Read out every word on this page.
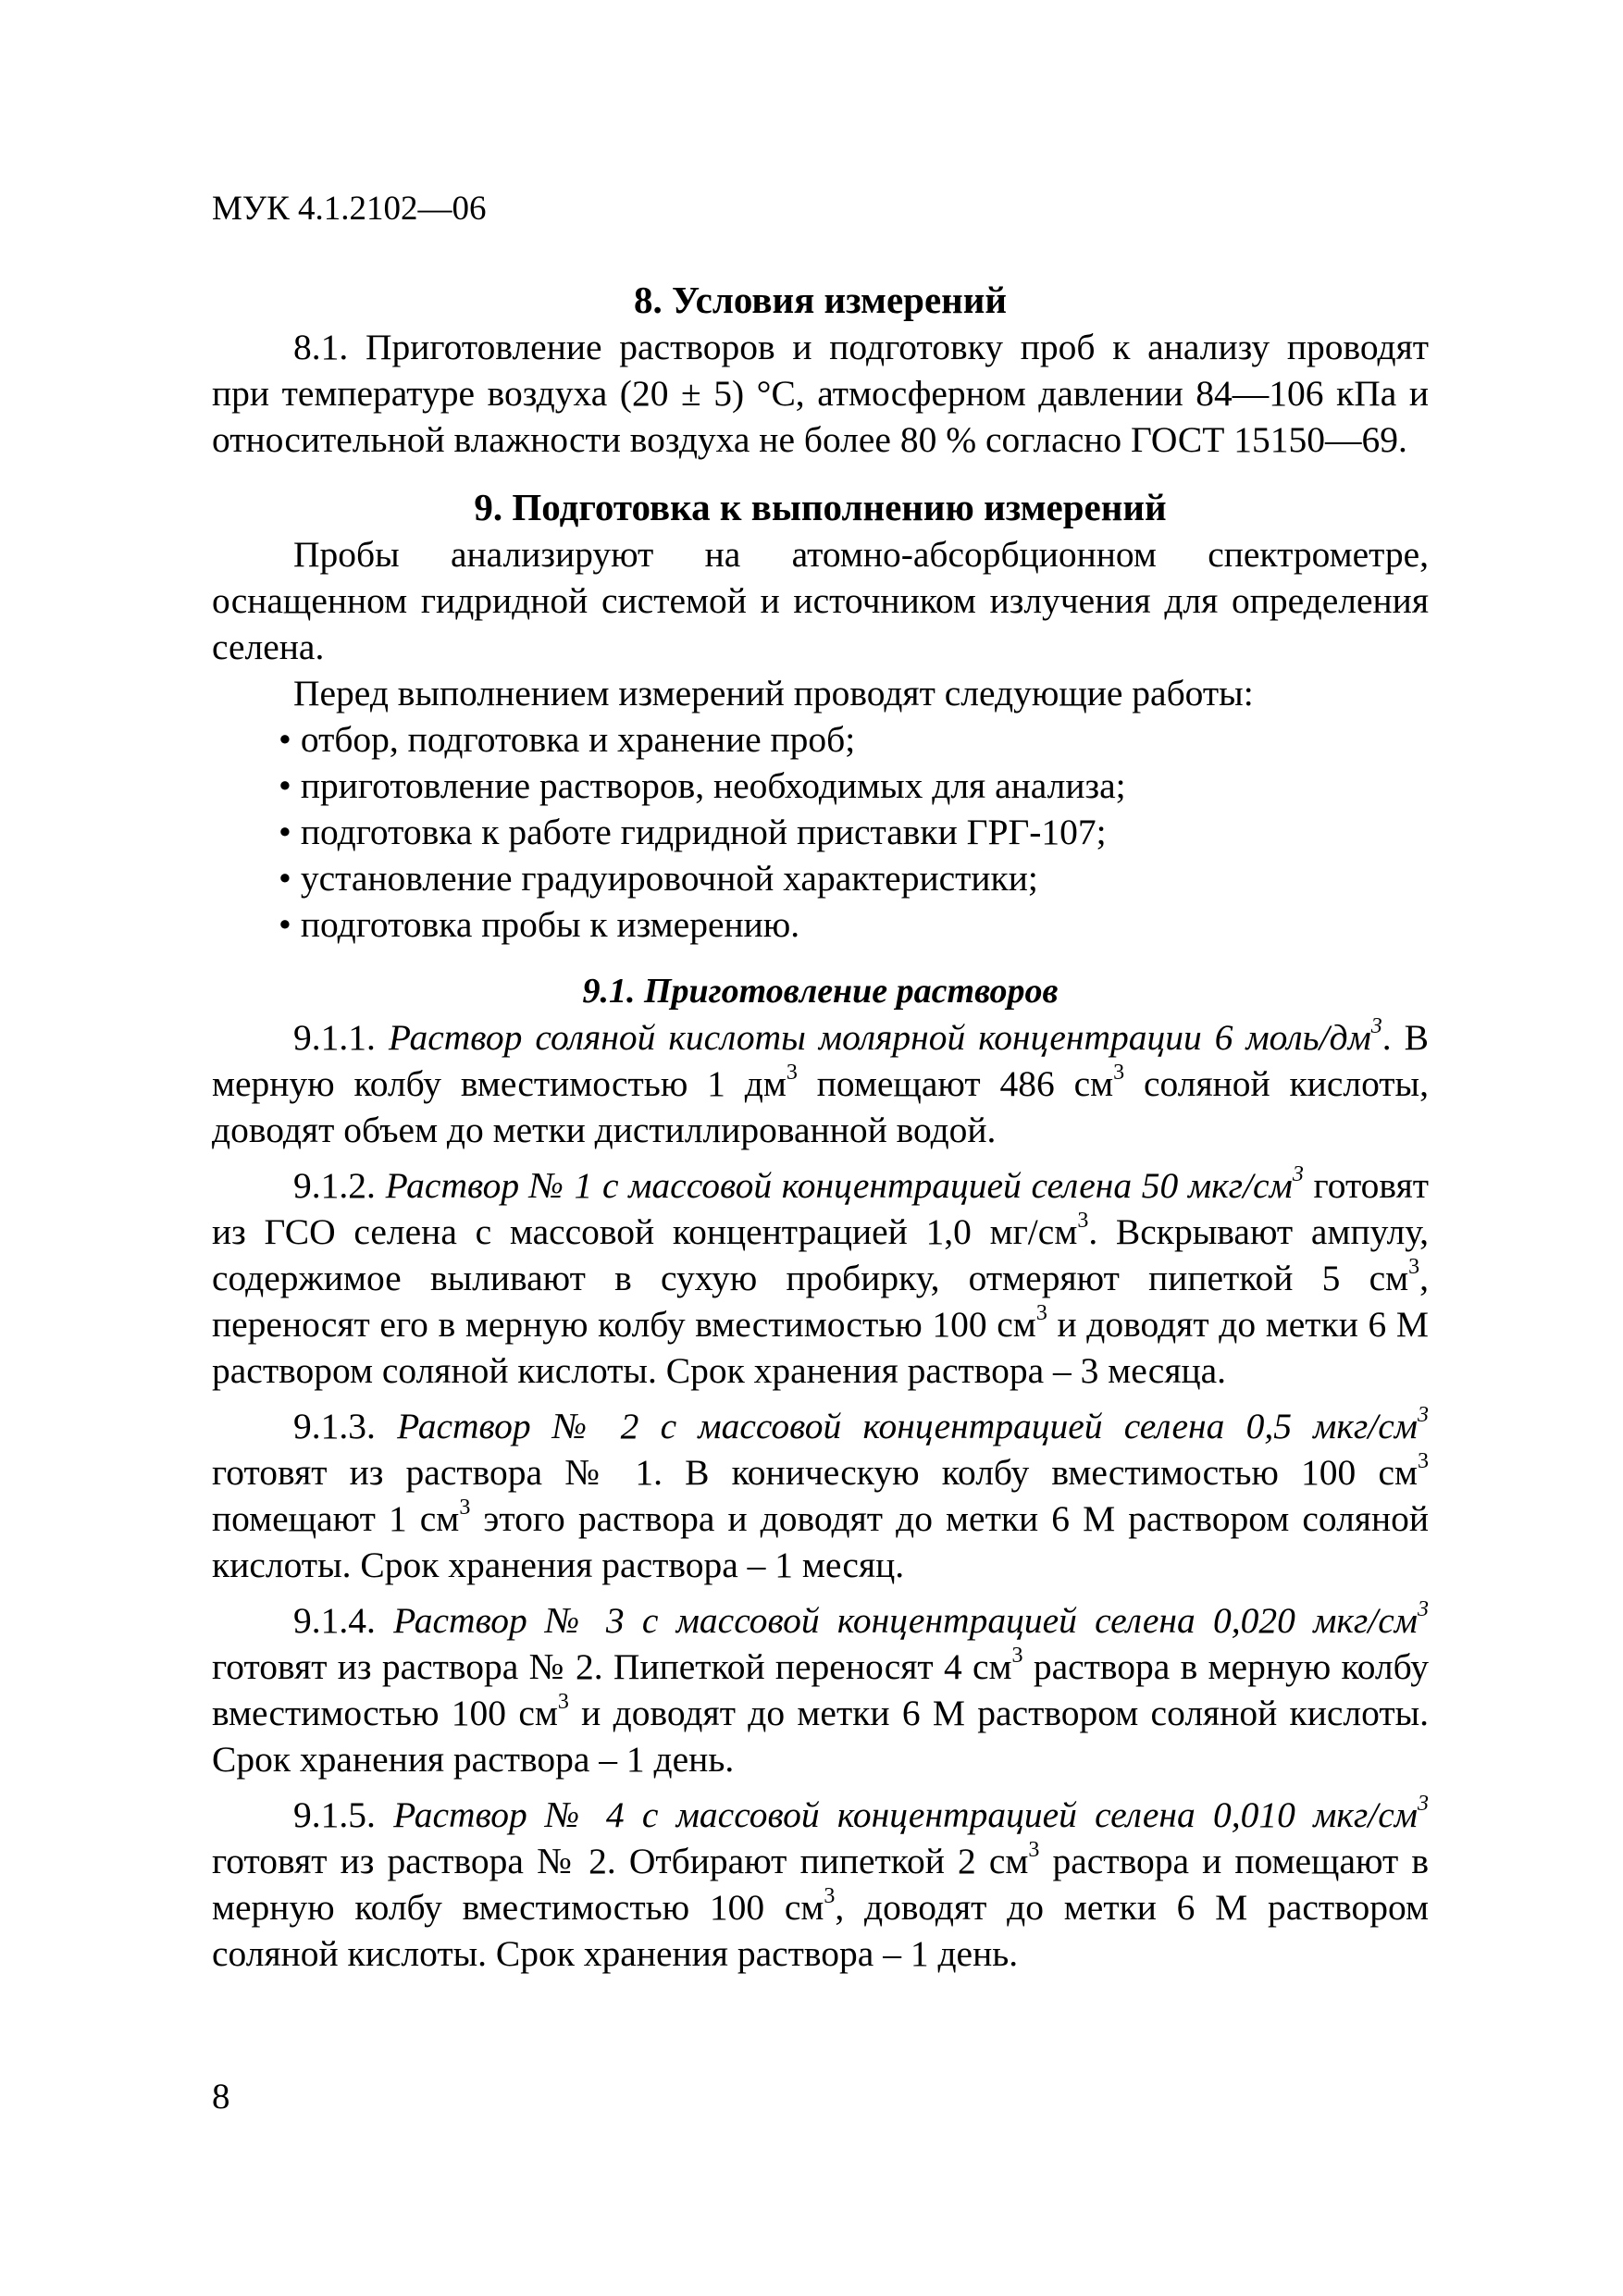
МУК 4.1.2102—06
8. Условия измерений

8.1. Приготовление растворов и подготовку проб к анализу проводят при температуре воздуха (20 ± 5) °С, атмосферном давлении 84—106 кПа и относительной влажности воздуха не более 80 % согласно ГОСТ 15150—69.

9. Подготовка к выполнению измерений

Пробы анализируют на атомно-абсорбционном спектрометре, оснащенном гидридной системой и источником излучения для определения селена.

Перед выполнением измерений проводят следующие работы:

• отбор, подготовка и хранение проб;
• приготовление растворов, необходимых для анализа;
• подготовка к работе гидридной приставки ГРГ-107;
• установление градуировочной характеристики;
• подготовка пробы к измерению.
9.1. Приготовление растворов

9.1.1. Раствор соляной кислоты молярной концентрации 6 моль/$дм^3$. В мерную колбу вместимостью 1 $дм^3$ помещают 486 $см^3$ соляной кислоты, доводят объем до метки дистиллированной водой.

9.1.2. Раствор № 1 с массовой концентрацией селена 50 мкг/$см^3$ готовят из ГСО селена с массовой концентрацией 1,0 $мг/см^3$. Вскрывают ампулу, содержимое выливают в сухую пробирку, отмеряют пипеткой 5 $см^3$, переносят его в мерную колбу вместимостью 100 $см^3$ и доводят до метки 6 М раствором соляной кислоты. Срок хранения раствора – 3 месяца.

9.1.3. Раствор № 2 с массовой концентрацией селена 0,5 мкг/$см^3$ готовят из раствора № 1. В коническую колбу вместимостью 100 $см^3$ помещают 1 $см^3$ этого раствора и доводят до метки 6 М раствором соляной кислоты. Срок хранения раствора – 1 месяц.

9.1.4. Раствор № 3 с массовой концентрацией селена 0,020 мкг/$см^3$ готовят из раствора № 2. Пипеткой переносят 4 $см^3$ раствора в мерную колбу вместимостью 100 $см^3$ и доводят до метки 6 М раствором соляной кислоты. Срок хранения раствора – 1 день.

9.1.5. Раствор № 4 с массовой концентрацией селена 0,010 мкг/$см^3$ готовят из раствора № 2. Отбирают пипеткой 2 $см^3$ раствора и помещают в мерную колбу вместимостью 100 $см^3$, доводят до метки 6 М раствором соляной кислоты. Срок хранения раствора – 1 день.

8
